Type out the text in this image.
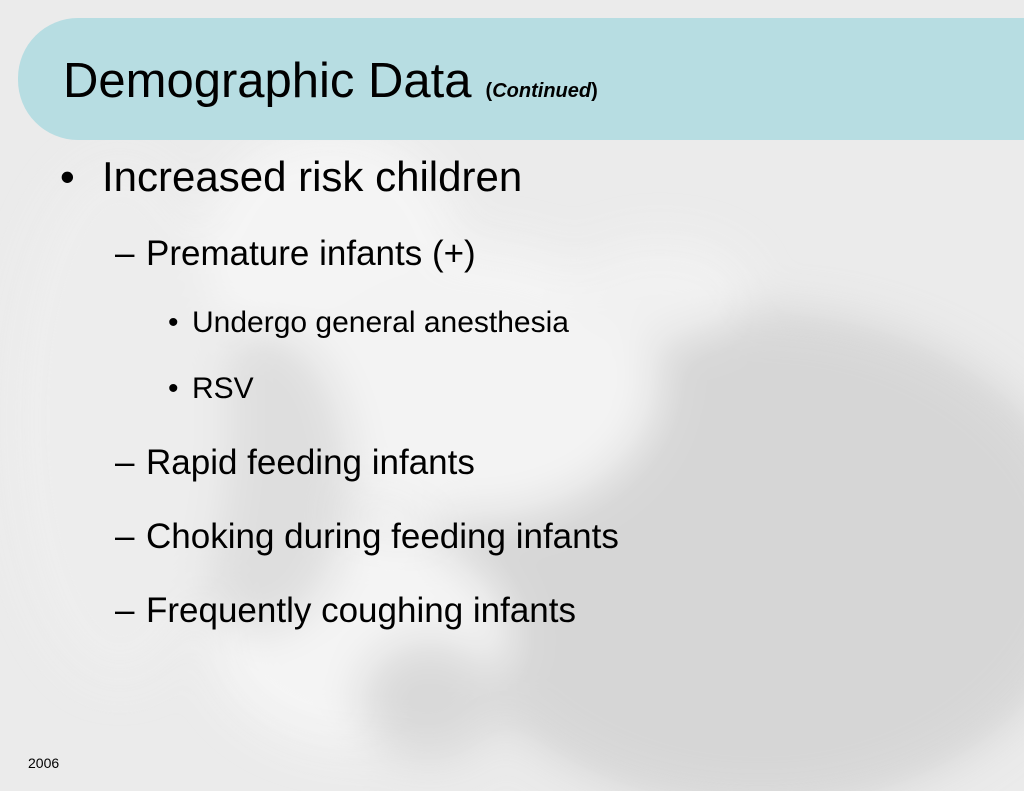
Demographic Data (Continued)
• Increased risk children
– Premature infants (+)
• Undergo general anesthesia
• RSV
– Rapid feeding infants
– Choking during feeding infants
– Frequently coughing infants
2006
